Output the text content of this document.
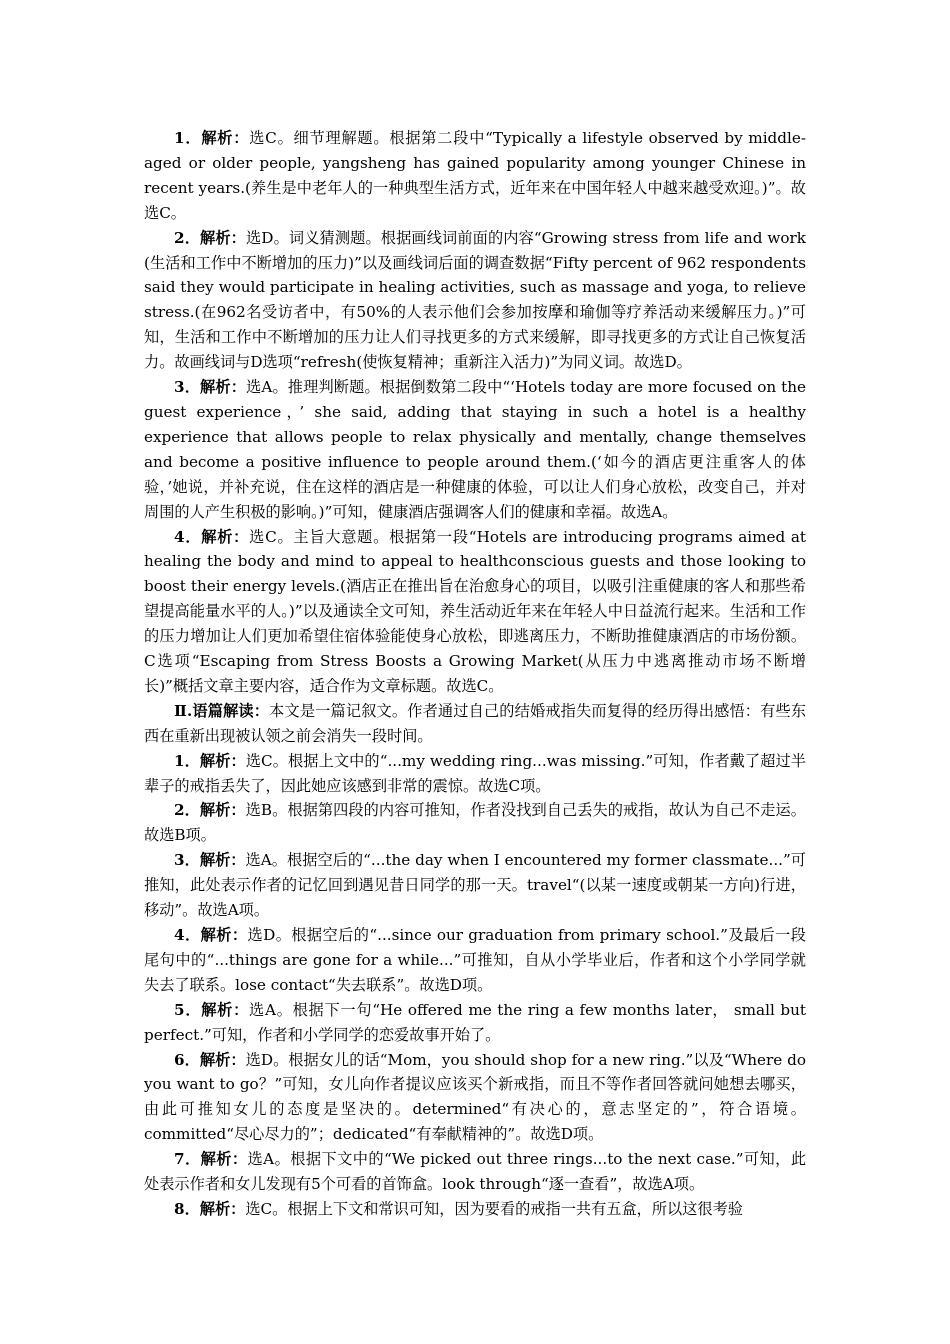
1．解析：选C。细节理解题。根据第二段中“Typically a lifestyle observed by middle-aged or older people, yangsheng has gained popularity among younger Chinese in recent years.(养生是中老年人的一种典型生活方式，近年来在中国年轻人中越来越受欢迎。)”。故选C。

2．解析：选D。词义猜测题。根据画线词前面的内容“Growing stress from life and work (生活和工作中不断增加的压力)”以及画线词后面的调查数据“Fifty percent of 962 respondents said they would participate in healing activities, such as massage and yoga, to relieve stress.(在962名受访者中，有50%的人表示他们会参加按摩和瑜伽等疗养活动来缓解压力。)”可知，生活和工作中不断增加的压力让人们寻找更多的方式来缓解，即寻找更多的方式让自己恢复活力。故画线词与D选项“refresh(使恢复精神；重新注入活力)”为同义词。故选D。

3．解析：选A。推理判断题。根据倒数第二段中“‘Hotels today are more focused on the guest experience，’ she said, adding that staying in such a hotel is a healthy experience that allows people to relax physically and mentally, change themselves and become a positive influence to people around them.(‘如今的酒店更注重客人的体验，’她说，并补充说，住在这样的酒店是一种健康的体验，可以让人们身心放松，改变自己，并对周围的人产生积极的影响。)”可知，健康酒店强调客人们的健康和幸福。故选A。

4．解析：选C。主旨大意题。根据第一段“Hotels are introducing programs aimed at healing the body and mind to appeal to healthconscious guests and those looking to boost their energy levels.(酒店正在推出旨在治愈身心的项目，以吸引注重健康的客人和那些希望提高能量水平的人。)”以及通读全文可知，养生活动近年来在年轻人中日益流行起来。生活和工作的压力增加让人们更加希望住宿体验能使身心放松，即逃离压力，不断助推健康酒店的市场份额。C选项“Escaping from Stress Boosts a Growing Market(从压力中逃离推动市场不断增长)”概括文章主要内容，适合作为文章标题。故选C。

Ⅱ.语篇解读：本文是一篇记叙文。作者通过自己的结婚戒指失而复得的经历得出感悟：有些东西在重新出现被认领之前会消失一段时间。

1．解析：选C。根据上文中的“...my wedding ring...was missing.”可知，作者戴了超过半辈子的戒指丢失了，因此她应该感到非常的震惊。故选C项。

2．解析：选B。根据第四段的内容可推知，作者没找到自己丢失的戒指，故认为自己不走运。故选B项。

3．解析：选A。根据空后的“...the day when I encountered my former classmate...”可推知，此处表示作者的记忆回到遇见昔日同学的那一天。travel“(以某一速度或朝某一方向)行进，移动”。故选A项。

4．解析：选D。根据空后的“...since our graduation from primary school.”及最后一段尾句中的“...things are gone for a while...”可推知，自从小学毕业后，作者和这个小学同学就失去了联系。lose contact“失去联系”。故选D项。

5．解析：选A。根据下一句“He offered me the ring a few months later， small but perfect.”可知，作者和小学同学的恋爱故事开始了。

6．解析：选D。根据女儿的话“Mom，you should shop for a new ring.”以及“Where do you want to go？”可知，女儿向作者提议应该买个新戒指，而且不等作者回答就问她想去哪买，由此可推知女儿的态度是坚决的。determined“有决心的，意志坚定的”，符合语境。committed“尽心尽力的”；dedicated“有奉献精神的”。故选D项。

7．解析：选A。根据下文中的“We picked out three rings...to the next case.”可知，此处表示作者和女儿发现有5个可看的首饰盒。look through“逐一查看”，故选A项。

8．解析：选C。根据上下文和常识可知，因为要看的戒指一共有五盒，所以这很考验
